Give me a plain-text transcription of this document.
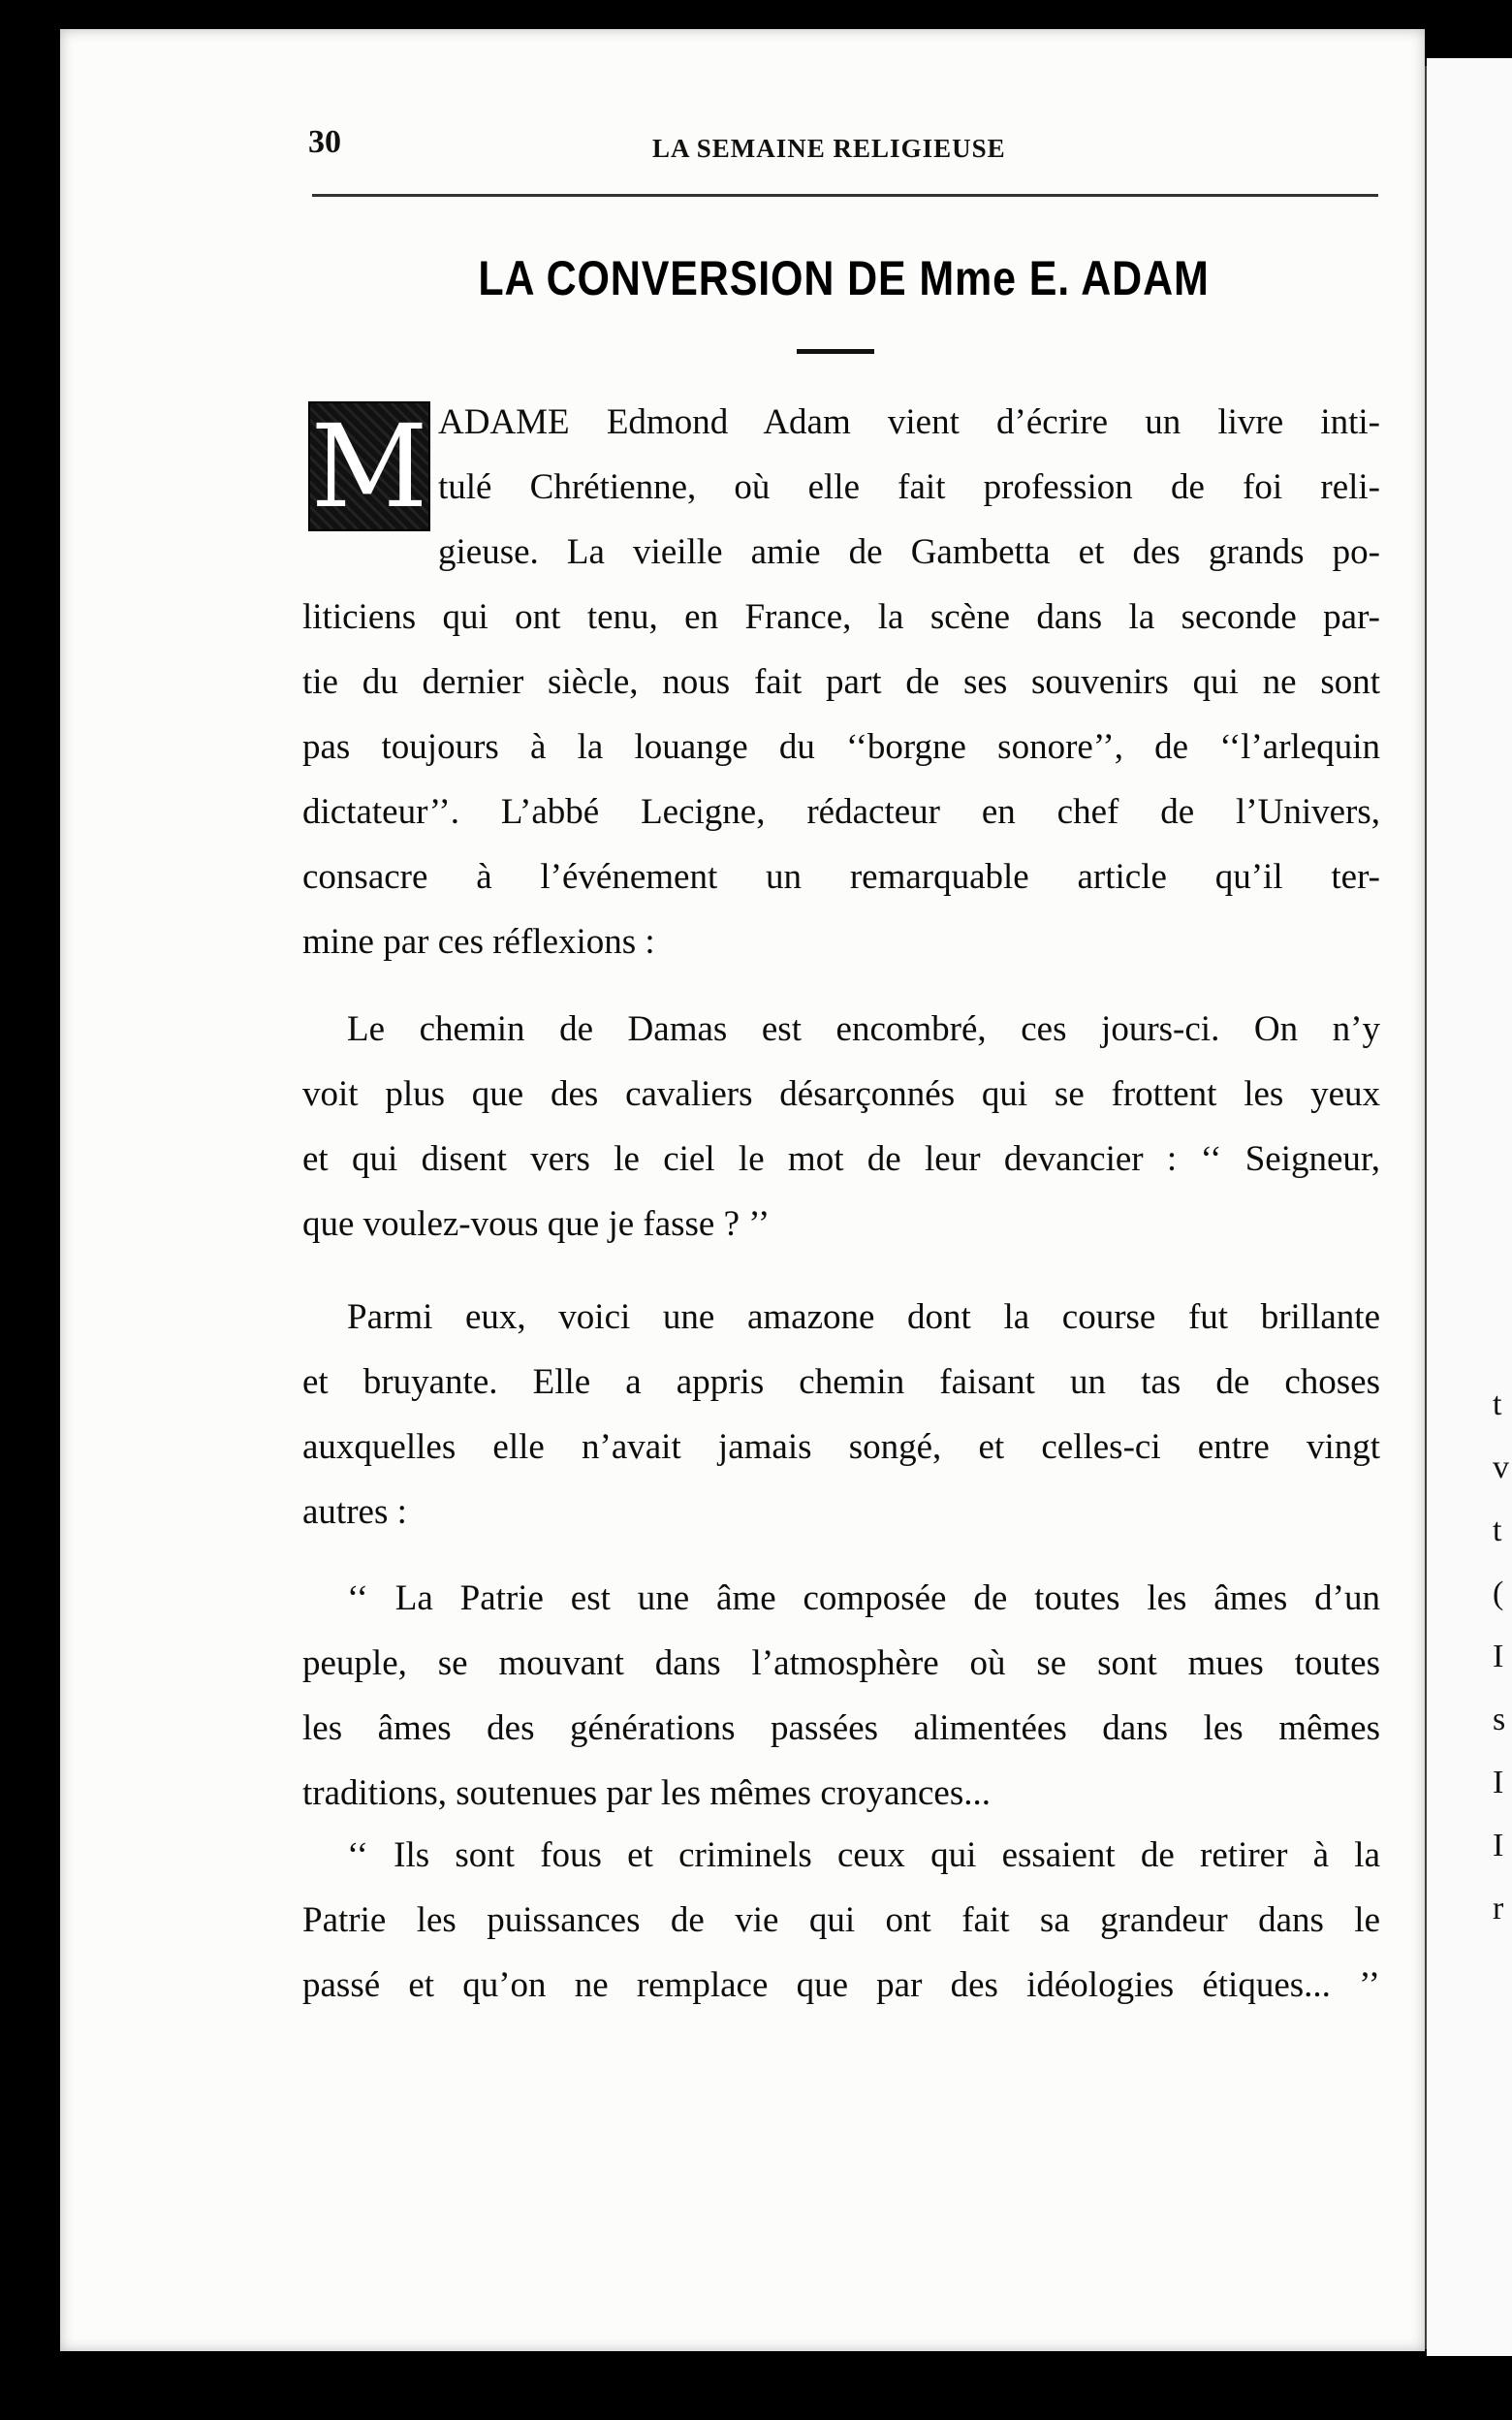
t
v
t
(
I
s
I
I
r
30	LA SEMAINE RELIGIEUSE
LA CONVERSION DE Mme E. ADAM
M ADAME Edmond Adam vient d’écrire un livre inti-
tulé Chrétienne, où elle fait profession de foi reli-
gieuse. La vieille amie de Gambetta et des grands po-
liticiens qui ont tenu, en France, la scène dans la seconde par-
tie du dernier siècle, nous fait part de ses souvenirs qui ne sont
pas toujours à la louange du ‘‘borgne sonore’’, de ‘‘l’arlequin
dictateur’’. L’abbé Lecigne, rédacteur en chef de l’Univers,
consacre à l’événement un remarquable article qu’il ter-
mine par ces réflexions :
Le chemin de Damas est encombré, ces jours-ci. On n’y
voit plus que des cavaliers désarçonnés qui se frottent les yeux
et qui disent vers le ciel le mot de leur devancier : ‘‘ Seigneur,
que voulez-vous que je fasse ? ’’
Parmi eux, voici une amazone dont la course fut brillante
et bruyante. Elle a appris chemin faisant un tas de choses
auxquelles elle n’avait jamais songé, et celles-ci entre vingt
autres :
‘‘ La Patrie est une âme composée de toutes les âmes d’un
peuple, se mouvant dans l’atmosphère où se sont mues toutes
les âmes des générations passées alimentées dans les mêmes
traditions, soutenues par les mêmes croyances...
‘‘ Ils sont fous et criminels ceux qui essaient de retirer à la
Patrie les puissances de vie qui ont fait sa grandeur dans le
passé et qu’on ne remplace que par des idéologies étiques... ’’
